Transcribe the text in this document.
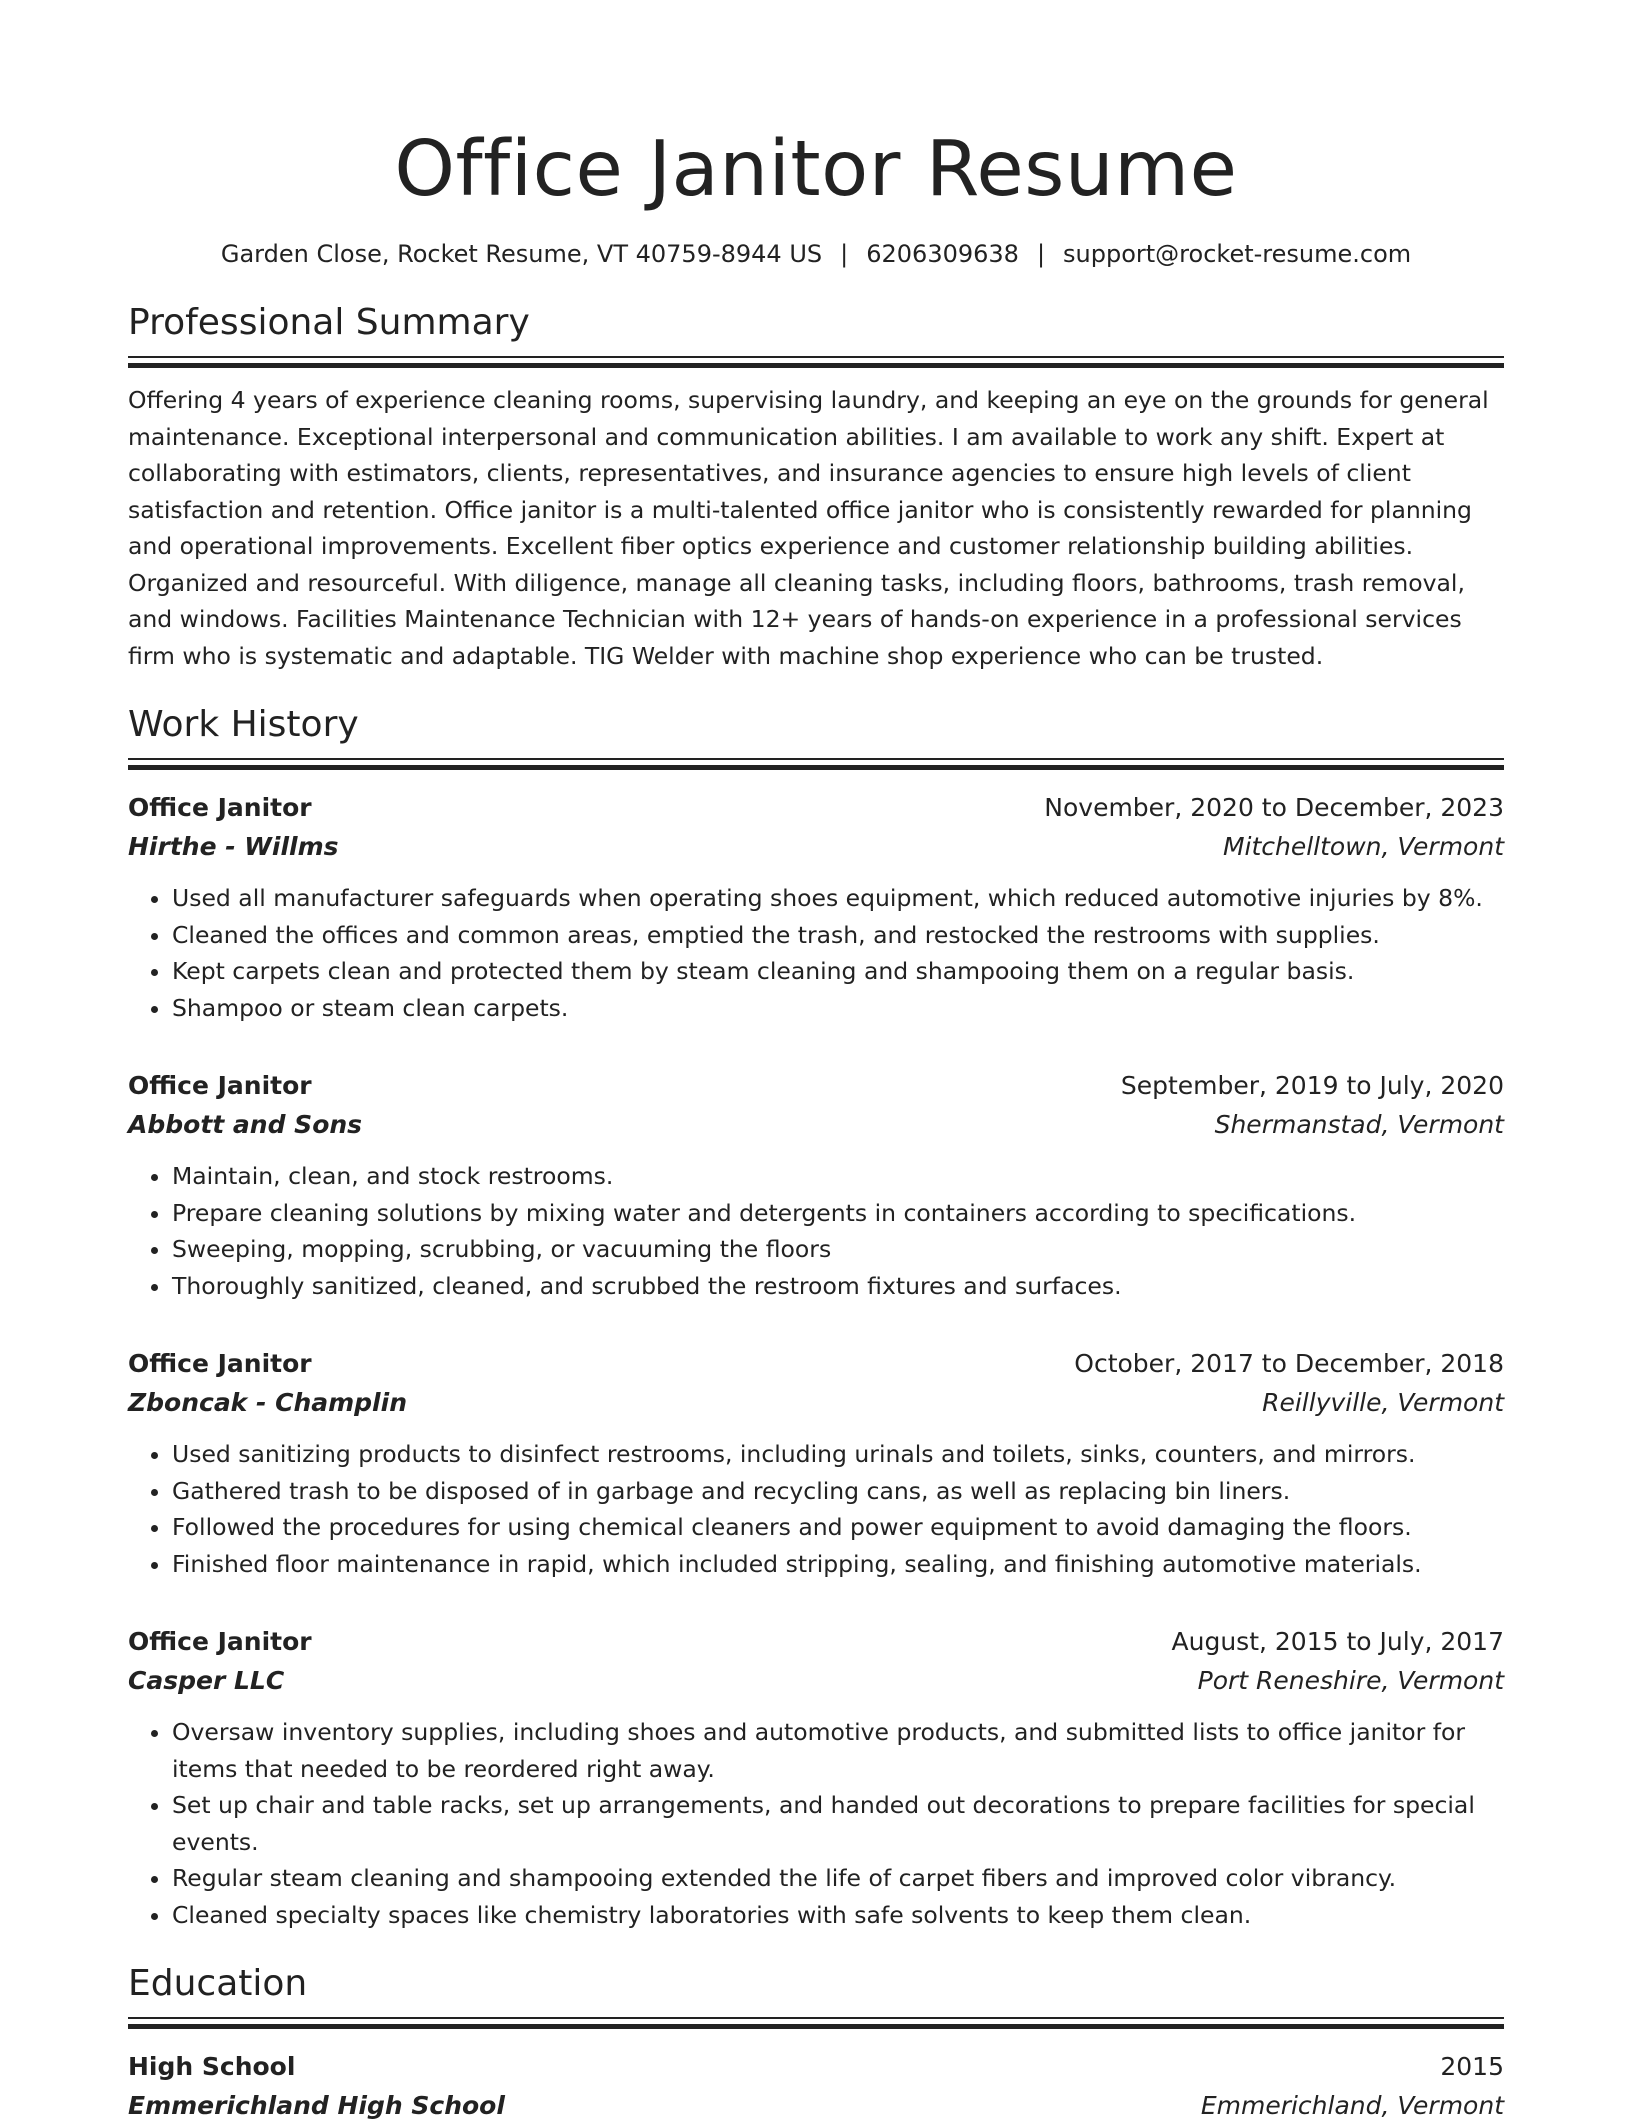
Office Janitor Resume
Garden Close, Rocket Resume, VT 40759-8944 US | 6206309638 | support@rocket-resume.com
Professional Summary

Offering 4 years of experience cleaning rooms, supervising laundry, and keeping an eye on the grounds for general maintenance. Exceptional interpersonal and communication abilities. I am available to work any shift. Expert at collaborating with estimators, clients, representatives, and insurance agencies to ensure high levels of client satisfaction and retention. Office janitor is a multi-talented office janitor who is consistently rewarded for planning and operational improvements. Excellent fiber optics experience and customer relationship building abilities. Organized and resourceful. With diligence, manage all cleaning tasks, including floors, bathrooms, trash removal, and windows. Facilities Maintenance Technician with 12+ years of hands-on experience in a professional services firm who is systematic and adaptable. TIG Welder with machine shop experience who can be trusted.

Work History
Office Janitor	November, 2020 to December, 2023
Hirthe - Willms	Mitchelltown, Vermont
• Used all manufacturer safeguards when operating shoes equipment, which reduced automotive injuries by 8%.
• Cleaned the offices and common areas, emptied the trash, and restocked the restrooms with supplies.
• Kept carpets clean and protected them by steam cleaning and shampooing them on a regular basis.
• Shampoo or steam clean carpets.
Office Janitor	September, 2019 to July, 2020
Abbott and Sons	Shermanstad, Vermont
• Maintain, clean, and stock restrooms.
• Prepare cleaning solutions by mixing water and detergents in containers according to specifications.
• Sweeping, mopping, scrubbing, or vacuuming the floors
• Thoroughly sanitized, cleaned, and scrubbed the restroom fixtures and surfaces.
Office Janitor	October, 2017 to December, 2018
Zboncak - Champlin	Reillyville, Vermont
• Used sanitizing products to disinfect restrooms, including urinals and toilets, sinks, counters, and mirrors.
• Gathered trash to be disposed of in garbage and recycling cans, as well as replacing bin liners.
• Followed the procedures for using chemical cleaners and power equipment to avoid damaging the floors.
• Finished floor maintenance in rapid, which included stripping, sealing, and finishing automotive materials.
Office Janitor	August, 2015 to July, 2017
Casper LLC	Port Reneshire, Vermont
• Oversaw inventory supplies, including shoes and automotive products, and submitted lists to office janitor for items that needed to be reordered right away.
• Set up chair and table racks, set up arrangements, and handed out decorations to prepare facilities for special events.
• Regular steam cleaning and shampooing extended the life of carpet fibers and improved color vibrancy.
• Cleaned specialty spaces like chemistry laboratories with safe solvents to keep them clean.
Education
High School	2015
Emmerichland High School	Emmerichland, Vermont
